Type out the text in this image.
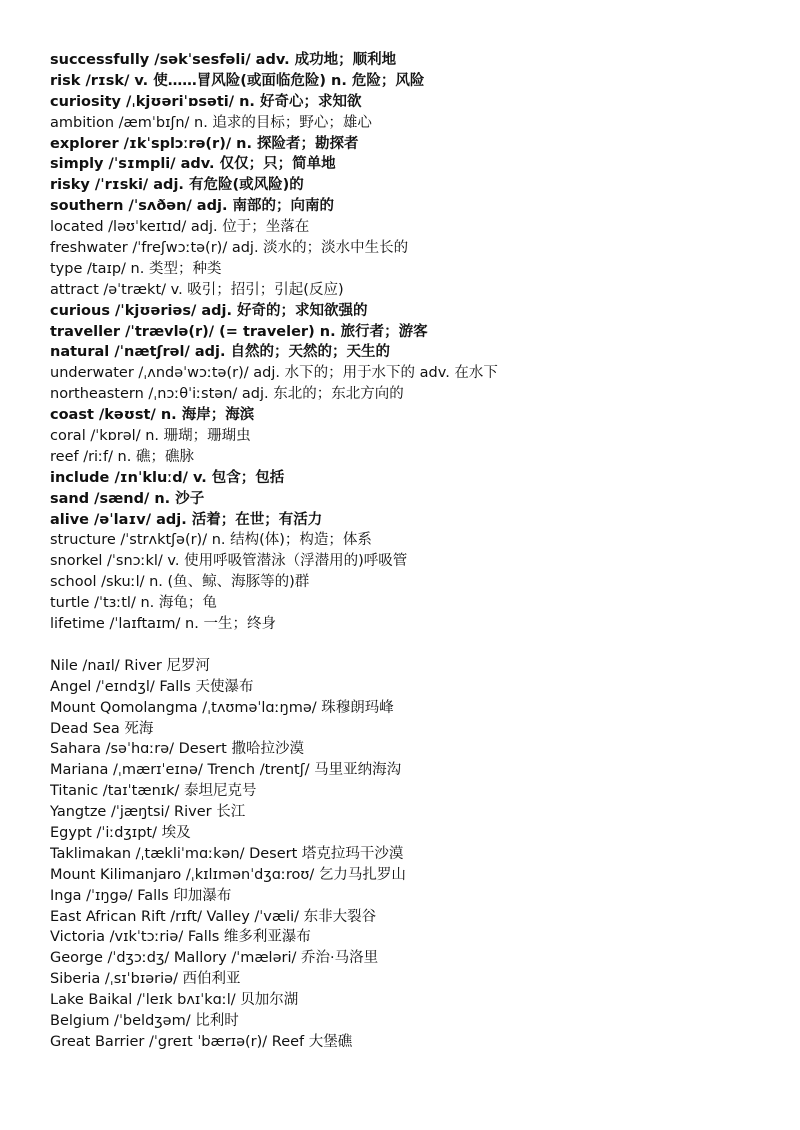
successfully /səkˈsesfəli/ adv. 成功地；顺利地
risk /rɪsk/ v. 使……冒风险(或面临危险) n. 危险；风险
curiosity /ˌkjʊəriˈɒsəti/ n. 好奇心；求知欲
ambition /æmˈbɪʃn/ n. 追求的目标；野心；雄心
explorer /ɪkˈsplɔːrə(r)/ n. 探险者；勘探者
simply /ˈsɪmpli/ adv. 仅仅；只；简单地
risky /ˈrɪski/ adj. 有危险(或风险)的
southern /ˈsʌðən/ adj. 南部的；向南的
located /ləʊˈkeɪtɪd/ adj. 位于；坐落在
freshwater /ˈfreʃwɔːtə(r)/ adj. 淡水的；淡水中生长的
type /taɪp/ n. 类型；种类
attract /əˈtrækt/ v. 吸引；招引；引起(反应)
curious /ˈkjʊəriəs/ adj. 好奇的；求知欲强的
traveller /ˈtrævlə(r)/ (= traveler) n. 旅行者；游客
natural /ˈnætʃrəl/ adj. 自然的；天然的；天生的
underwater /ˌʌndəˈwɔːtə(r)/ adj. 水下的；用于水下的 adv. 在水下
northeastern /ˌnɔːθˈiːstən/ adj. 东北的；东北方向的
coast /kəʊst/ n. 海岸；海滨
coral /ˈkɒrəl/ n. 珊瑚；珊瑚虫
reef /riːf/ n. 礁；礁脉
include /ɪnˈkluːd/ v. 包含；包括
sand /sænd/ n. 沙子
alive /əˈlaɪv/ adj. 活着；在世；有活力
structure /ˈstrʌktʃə(r)/ n. 结构(体)；构造；体系
snorkel /ˈsnɔːkl/ v. 使用呼吸管潜泳（浮潜用的)呼吸管
school /skuːl/ n. (鱼、鲸、海豚等的)群
turtle /ˈtɜːtl/ n. 海龟；龟
lifetime /ˈlaɪftaɪm/ n. 一生；终身
Nile /naɪl/ River 尼罗河
Angel /ˈeɪndʒl/ Falls 天使瀑布
Mount Qomolangma /ˌtʌʊməˈlɑːŋmə/ 珠穆朗玛峰
Dead Sea 死海
Sahara /səˈhɑːrə/ Desert 撒哈拉沙漠
Mariana /ˌmærɪˈeɪnə/ Trench /trentʃ/ 马里亚纳海沟
Titanic /taɪˈtænɪk/ 泰坦尼克号
Yangtze /ˈjæŋtsi/ River 长江
Egypt /ˈiːdʒɪpt/ 埃及
Taklimakan /ˌtækliˈmɑːkən/ Desert 塔克拉玛干沙漠
Mount Kilimanjaro /ˌkɪlɪmənˈdʒɑːroʊ/ 乞力马扎罗山
Inga /ˈɪŋgə/ Falls 印加瀑布
East African Rift /rɪft/ Valley /ˈvæli/ 东非大裂谷
Victoria /vɪkˈtɔːriə/ Falls 维多利亚瀑布
George /ˈdʒɔːdʒ/ Mallory /ˈmæləri/ 乔治·马洛里
Siberia /ˌsɪˈbɪəriə/ 西伯利亚
Lake Baikal /ˈleɪk bʌɪˈkɑːl/ 贝加尔湖
Belgium /ˈbeldʒəm/ 比利时
Great Barrier /ˈgreɪt ˈbærɪə(r)/ Reef 大堡礁
